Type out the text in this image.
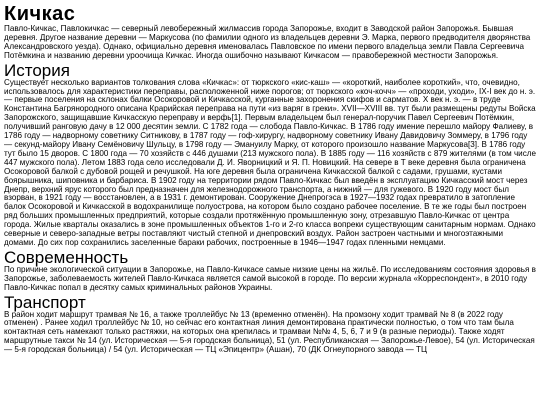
Кичкас

Павло-Кичкас, Павлокичкас — северный левобережный жилмассив города Запорожье, входит в Заводской район Запорожья. Бывшая деревня. Другое название деревни — Маркусова (по фамилии одного из владельцев деревни Э. Марка, первого предводителя дворянства Александровского уезда). Однако, официально деревня именовалась Павловское по имени первого владельца земли Павла Сергеевича Потёмкина и названию деревни уроочища Кичкас. Иногда ошибочно называют Кичкасом — правобережной местности Запорожья.

История

Существует несколько вариантов толкования слова «Кичкас»: от тюркского «кис-каш» — «короткий, наиболее короткий», что, очевидно, использовалось для характеристики переправы, расположенной ниже порогов; от тюркского «коч-кочч» — «проходи, уходи», IX-I век до н. э. — первые поселения на склонах балки Осокоровой и Кичкасской, курганные захоронения скифов и сарматов. X век н. э. — в труде Константина Багрянородного описана Крарийская переправа на пути «из варяг в греки». XVII—XVIII вв. тут были размещены редуты Войска Запорожского, защищавшие Кичкасскую переправу и верфь[1]. Первым владельцем был генерал-поручик Павел Сергеевич Потёмкин, получивший ранговую дачу в 12 000 десятин земли. С 1782 года — слобода Павло-Кичкас. В 1786 году имение перешло майору Фалиеву, в 1786 году — надворному советнику Ситникову, в 1787 году — гоф-хирургу, надворному советнику Ивану Давидовичу Зоммеру, в 1796 году — секунд-майору Ивану Семёновичу Шульцу, в 1798 году — Эмануилу Марку, от которого произошло название Маркусова[3]. В 1786 году тут было 15 дворов. С 1800 года — 70 хозяйств с 446 душами (213 мужского пола). В 1885 году — 116 хозяйств с 879 жителями (в том числе 447 мужского пола). Летом 1883 года село исследовали Д. И. Яворницкий и Я. П. Новицкий. На севере в Т веке деревня была ограничена Осокоровой балкой с дубовой рощей и речушкой. На юге деревня была ограничена Кичкасской балкой с садами, грушами, кустами боярышника, шиповника и барбариса. В 1902 году на территории рядом Павло-Кичкас был введён в эксплуатацию Кичкасский мост через Днепр, верхний ярус которого был предназначен для железнодорожного транспорта, а нижний — для гужевого. В 1920 году мост был взорван, в 1921 году — восстановлен, а в 1931 г. демонтирован. Сооружение Днепрогэса в 1927—1932 годах превратило в затопление балок Осокоровой и Кичкасской в водохранилище полуострова, на котором было создано рабочее поселение. В те же годы был построен ряд больших промышленных предприятий, которые создали протяжённую промышленную зону, отрезавшую Павло-Кичкас от центра города. Жилые кварталы оказались в зоне промышленных объектов 1-го и 2-го класса вопреки существующим санитарным нормам. Однако северные и северо-западные ветры поставляют чистый степной и днепровский воздух. Район застроен частными и многоэтажными домами. До сих пор сохранились заселенные бараки рабочих, построенные в 1946—1947 годах пленными немцами.

Современность

По причине экологической ситуации в Запорожье, на Павло-Кичкасе самые низкие цены на жильё. По исследованиям состояния здоровья в Запорожье, заболеваемость жителей Павло-Кичкаса является самой высокой в городе. По версии журнала «Корреспондент», в 2010 году Павло-Кичкас попал в десятку самых криминальных районов Украины.

Транспорт

В район ходит маршрут трамвая № 16, а также троллейбус № 13 (временно отменён). На промзону ходит трамвай № 8 (в 2022 году отменен) . Ранее ходил троллейбус № 10, но сейчас его контактная линия демонтирована практически полностью, о том что там была контактная сеть намекают только растяжки, на которых она крепилась и трамваи №№ 4, 5, 6, 7 и 9 (в разные периоды). Также ходят маршрутные такси № 14 (ул. Историческая — 5-я городская больница), 51 (ул. Республиканская — Запорожье-Левое), 54 (ул. Историческая — 5-я городская больница) / 54 (ул. Историческая — ТЦ «Эпицентр» (Ашан), 70 (ДК Огнеупорного завода — ТЦ
